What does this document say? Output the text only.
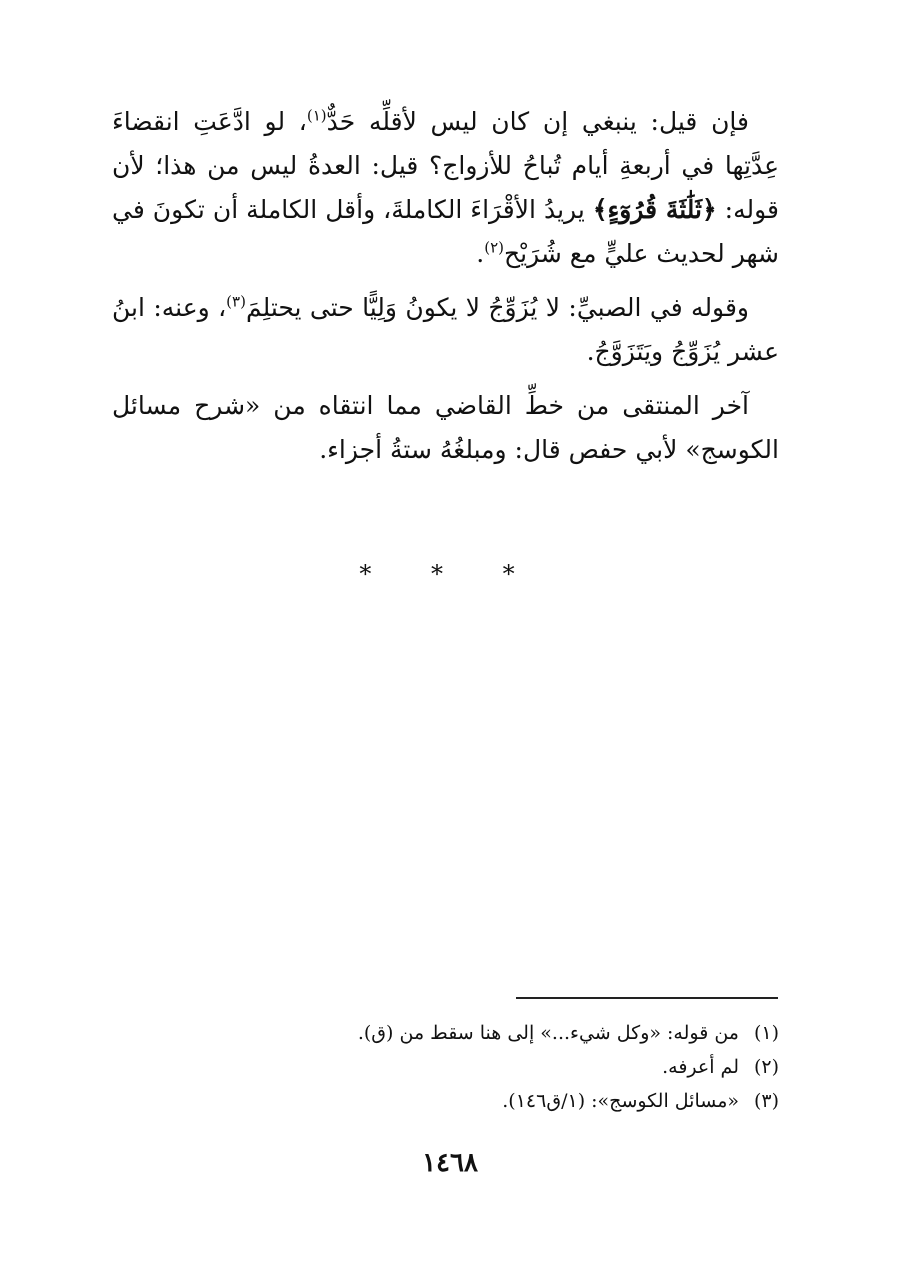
فإن قيل: ينبغي إن كان ليس لأقلِّه حَدٌّ$^{(١)}$، لو ادَّعَتِ انقضاءَ عِدَّتِها في أربعةِ أيام تُباحُ للأزواج؟ قيل: العدةُ ليس من هذا؛ لأن قوله: ﴿ثَلَٰثَةَ قُرُوٓءٍ﴾ يريدُ الأقْرَاءَ الكاملةَ، وأقل الكاملة أن تكونَ في شهر لحديث عليٍّ مع شُرَيْح$^{(٢)}$.

وقوله في الصبيِّ: لا يُزَوِّجُ لا يكونُ وَلِيًّا حتى يحتلِمَ$^{(٣)}$، وعنه: ابنُ عشر يُزَوِّجُ ويَتَزَوَّجُ.

آخر المنتقى من خطِّ القاضي مما انتقاه من «شرح مسائل الكوسج» لأبي حفص قال: ومبلغُهُ ستةُ أجزاء.

* * *
(١)
من قوله: «وكل شيء...» إلى هنا سقط من (ق).
(٢)
لم أعرفه.
(٣)
«مسائل الكوسج»: (١/ق١٤٦).
١٤٦٨
